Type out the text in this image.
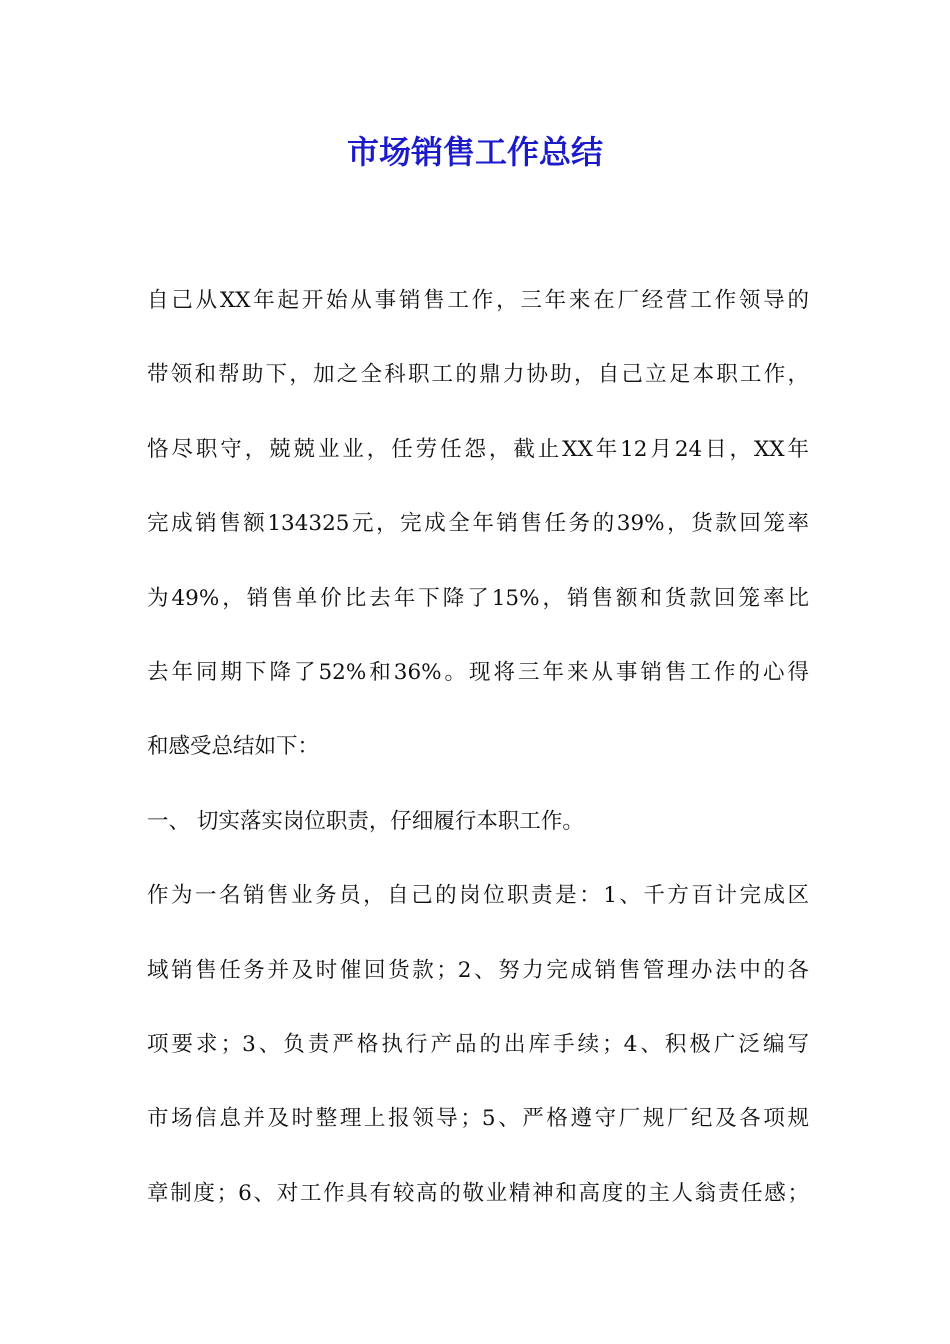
市场销售工作总结
自己从XX年起开始从事销售工作，三年来在厂经营工作领导的
带领和帮助下，加之全科职工的鼎力协助，自己立足本职工作，
恪尽职守，兢兢业业，任劳任怨，截止XX年12月24日，XX年
完成销售额134325元，完成全年销售任务的39%，货款回笼率
为49%，销售单价比去年下降了15%，销售额和货款回笼率比
去年同期下降了52%和36%。现将三年来从事销售工作的心得
和感受总结如下：
一、 切实落实岗位职责，仔细履行本职工作。
作为一名销售业务员，自己的岗位职责是：1、千方百计完成区
域销售任务并及时催回货款；2、努力完成销售管理办法中的各
项要求；3、负责严格执行产品的出库手续；4、积极广泛编写
市场信息并及时整理上报领导；5、严格遵守厂规厂纪及各项规
章制度；6、对工作具有较高的敬业精神和高度的主人翁责任感；
